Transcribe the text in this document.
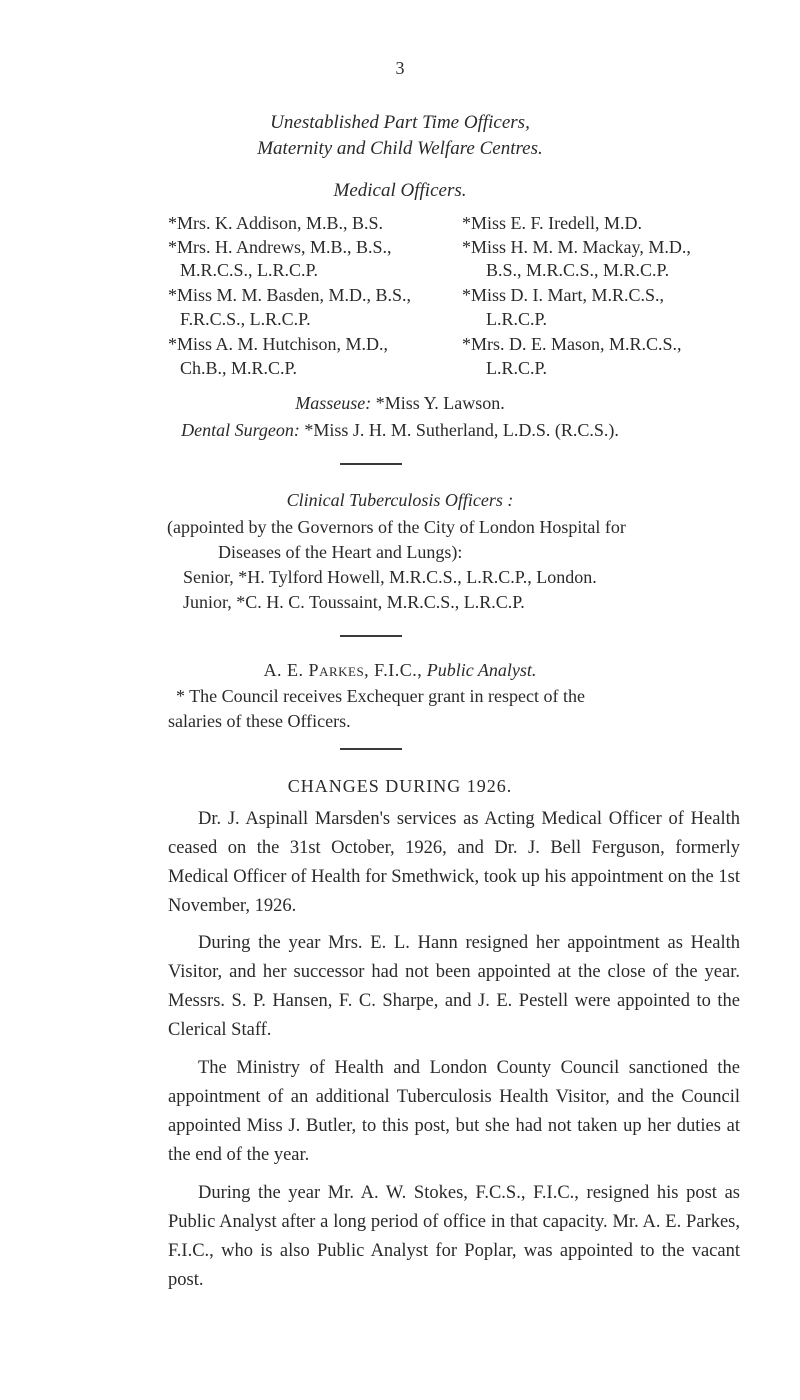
3
Unestablished Part Time Officers,
Maternity and Child Welfare Centres.
Medical Officers.
*Mrs. K. Addison, M.B., B.S.
*Mrs. H. Andrews, M.B., B.S.,
M.R.C.S., L.R.C.P.
*Miss M. M. Basden, M.D., B.S.,
F.R.C.S., L.R.C.P.
*Miss A. M. Hutchison, M.D.,
Ch.B., M.R.C.P.
*Miss E. F. Iredell, M.D.
*Miss H. M. M. Mackay, M.D.,
B.S., M.R.C.S., M.R.C.P.
*Miss D. I. Mart, M.R.C.S.,
L.R.C.P.
*Mrs. D. E. Mason, M.R.C.S.,
L.R.C.P.
Masseuse: *Miss Y. Lawson.
Dental Surgeon: *Miss J. H. M. Sutherland, L.D.S. (R.C.S.).
Clinical Tuberculosis Officers :
(appointed by the Governors of the City of London Hospital for
Diseases of the Heart and Lungs):
Senior, *H. Tylford Howell, M.R.C.S., L.R.C.P., London.
Junior, *C. H. C. Toussaint, M.R.C.S., L.R.C.P.
A. E. Parkes, F.I.C., Public Analyst.
* The Council receives Exchequer grant in respect of the
salaries of these Officers.
CHANGES DURING 1926.
Dr. J. Aspinall Marsden's services as Acting Medical Officer of Health ceased on the 31st October, 1926, and Dr. J. Bell Ferguson, formerly Medical Officer of Health for Smethwick, took up his appointment on the 1st November, 1926.
During the year Mrs. E. L. Hann resigned her appointment as Health Visitor, and her successor had not been appointed at the close of the year. Messrs. S. P. Hansen, F. C. Sharpe, and J. E. Pestell were appointed to the Clerical Staff.
The Ministry of Health and London County Council sanctioned the appointment of an additional Tuberculosis Health Visitor, and the Council appointed Miss J. Butler, to this post, but she had not taken up her duties at the end of the year.
During the year Mr. A. W. Stokes, F.C.S., F.I.C., resigned his post as Public Analyst after a long period of office in that capacity. Mr. A. E. Parkes, F.I.C., who is also Public Analyst for Poplar, was appointed to the vacant post.
